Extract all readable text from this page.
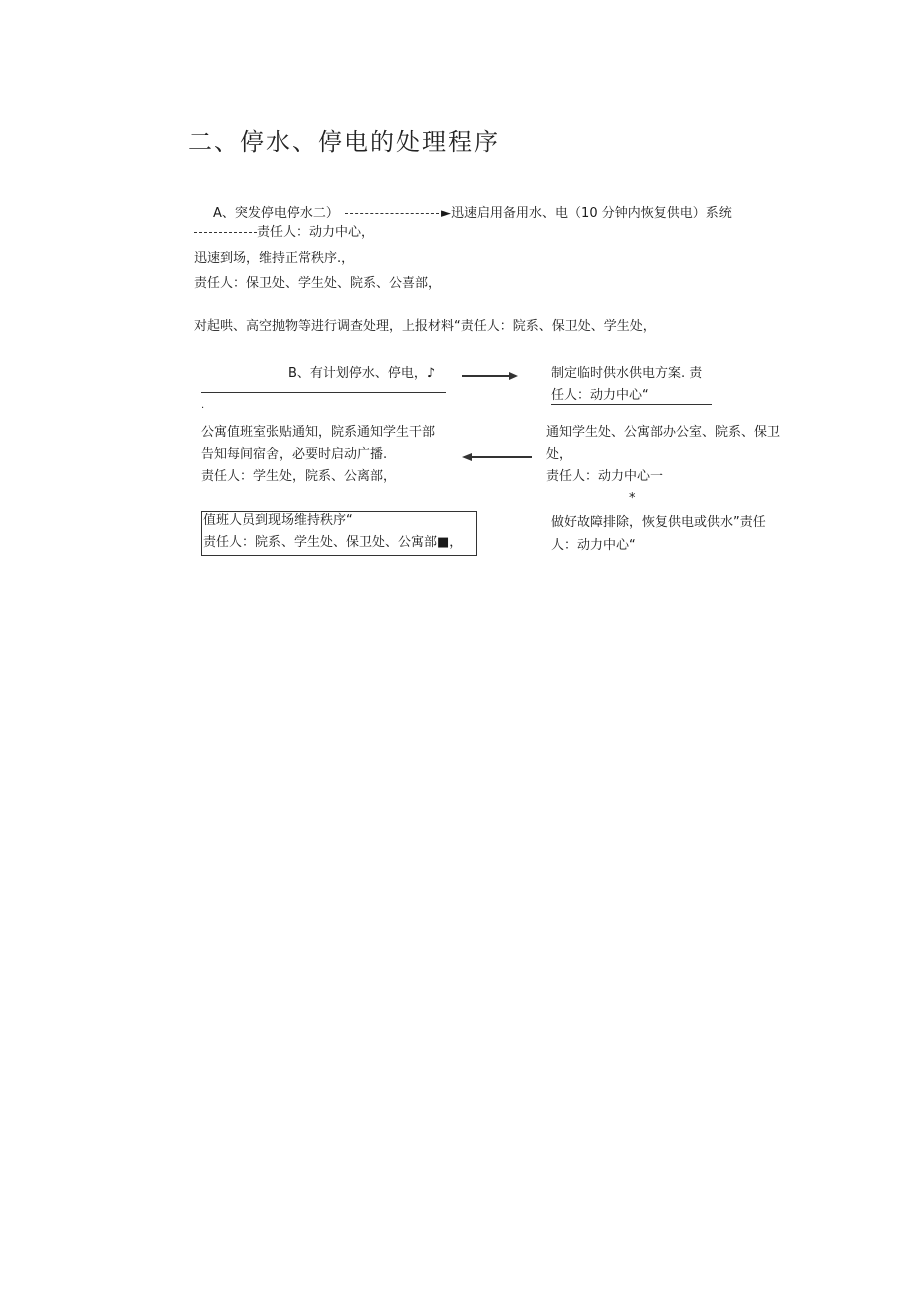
二、停水、停电的处理程序
A、突发停电停水二）	►迅速启用备用水、电（10 分钟内恢复供电）系统
责任人：动力中心，
迅速到场，维持正常秩序.，
责任人：保卫处、学生处、院系、公喜部，
对起哄、高空抛物等进行调查处理，上报材料“责任人：院系、保卫处、学生处，
B、有计划停水、停电，♪
.
制定临时供水供电方案. 责
任人：动力中心“
公寓值班室张贴通知，院系通知学生干部
告知每间宿舍，必要时启动广播.
责任人：学生处，院系、公离部，
通知学生处、公寓部办公室、院系、保卫
处，
责任人：动力中心一
*
值班人员到现场维持秩序“
责任人：院系、学生处、保卫处、公寓部■，
做好故障排除，恢复供电或供水”责任
人：动力中心“
